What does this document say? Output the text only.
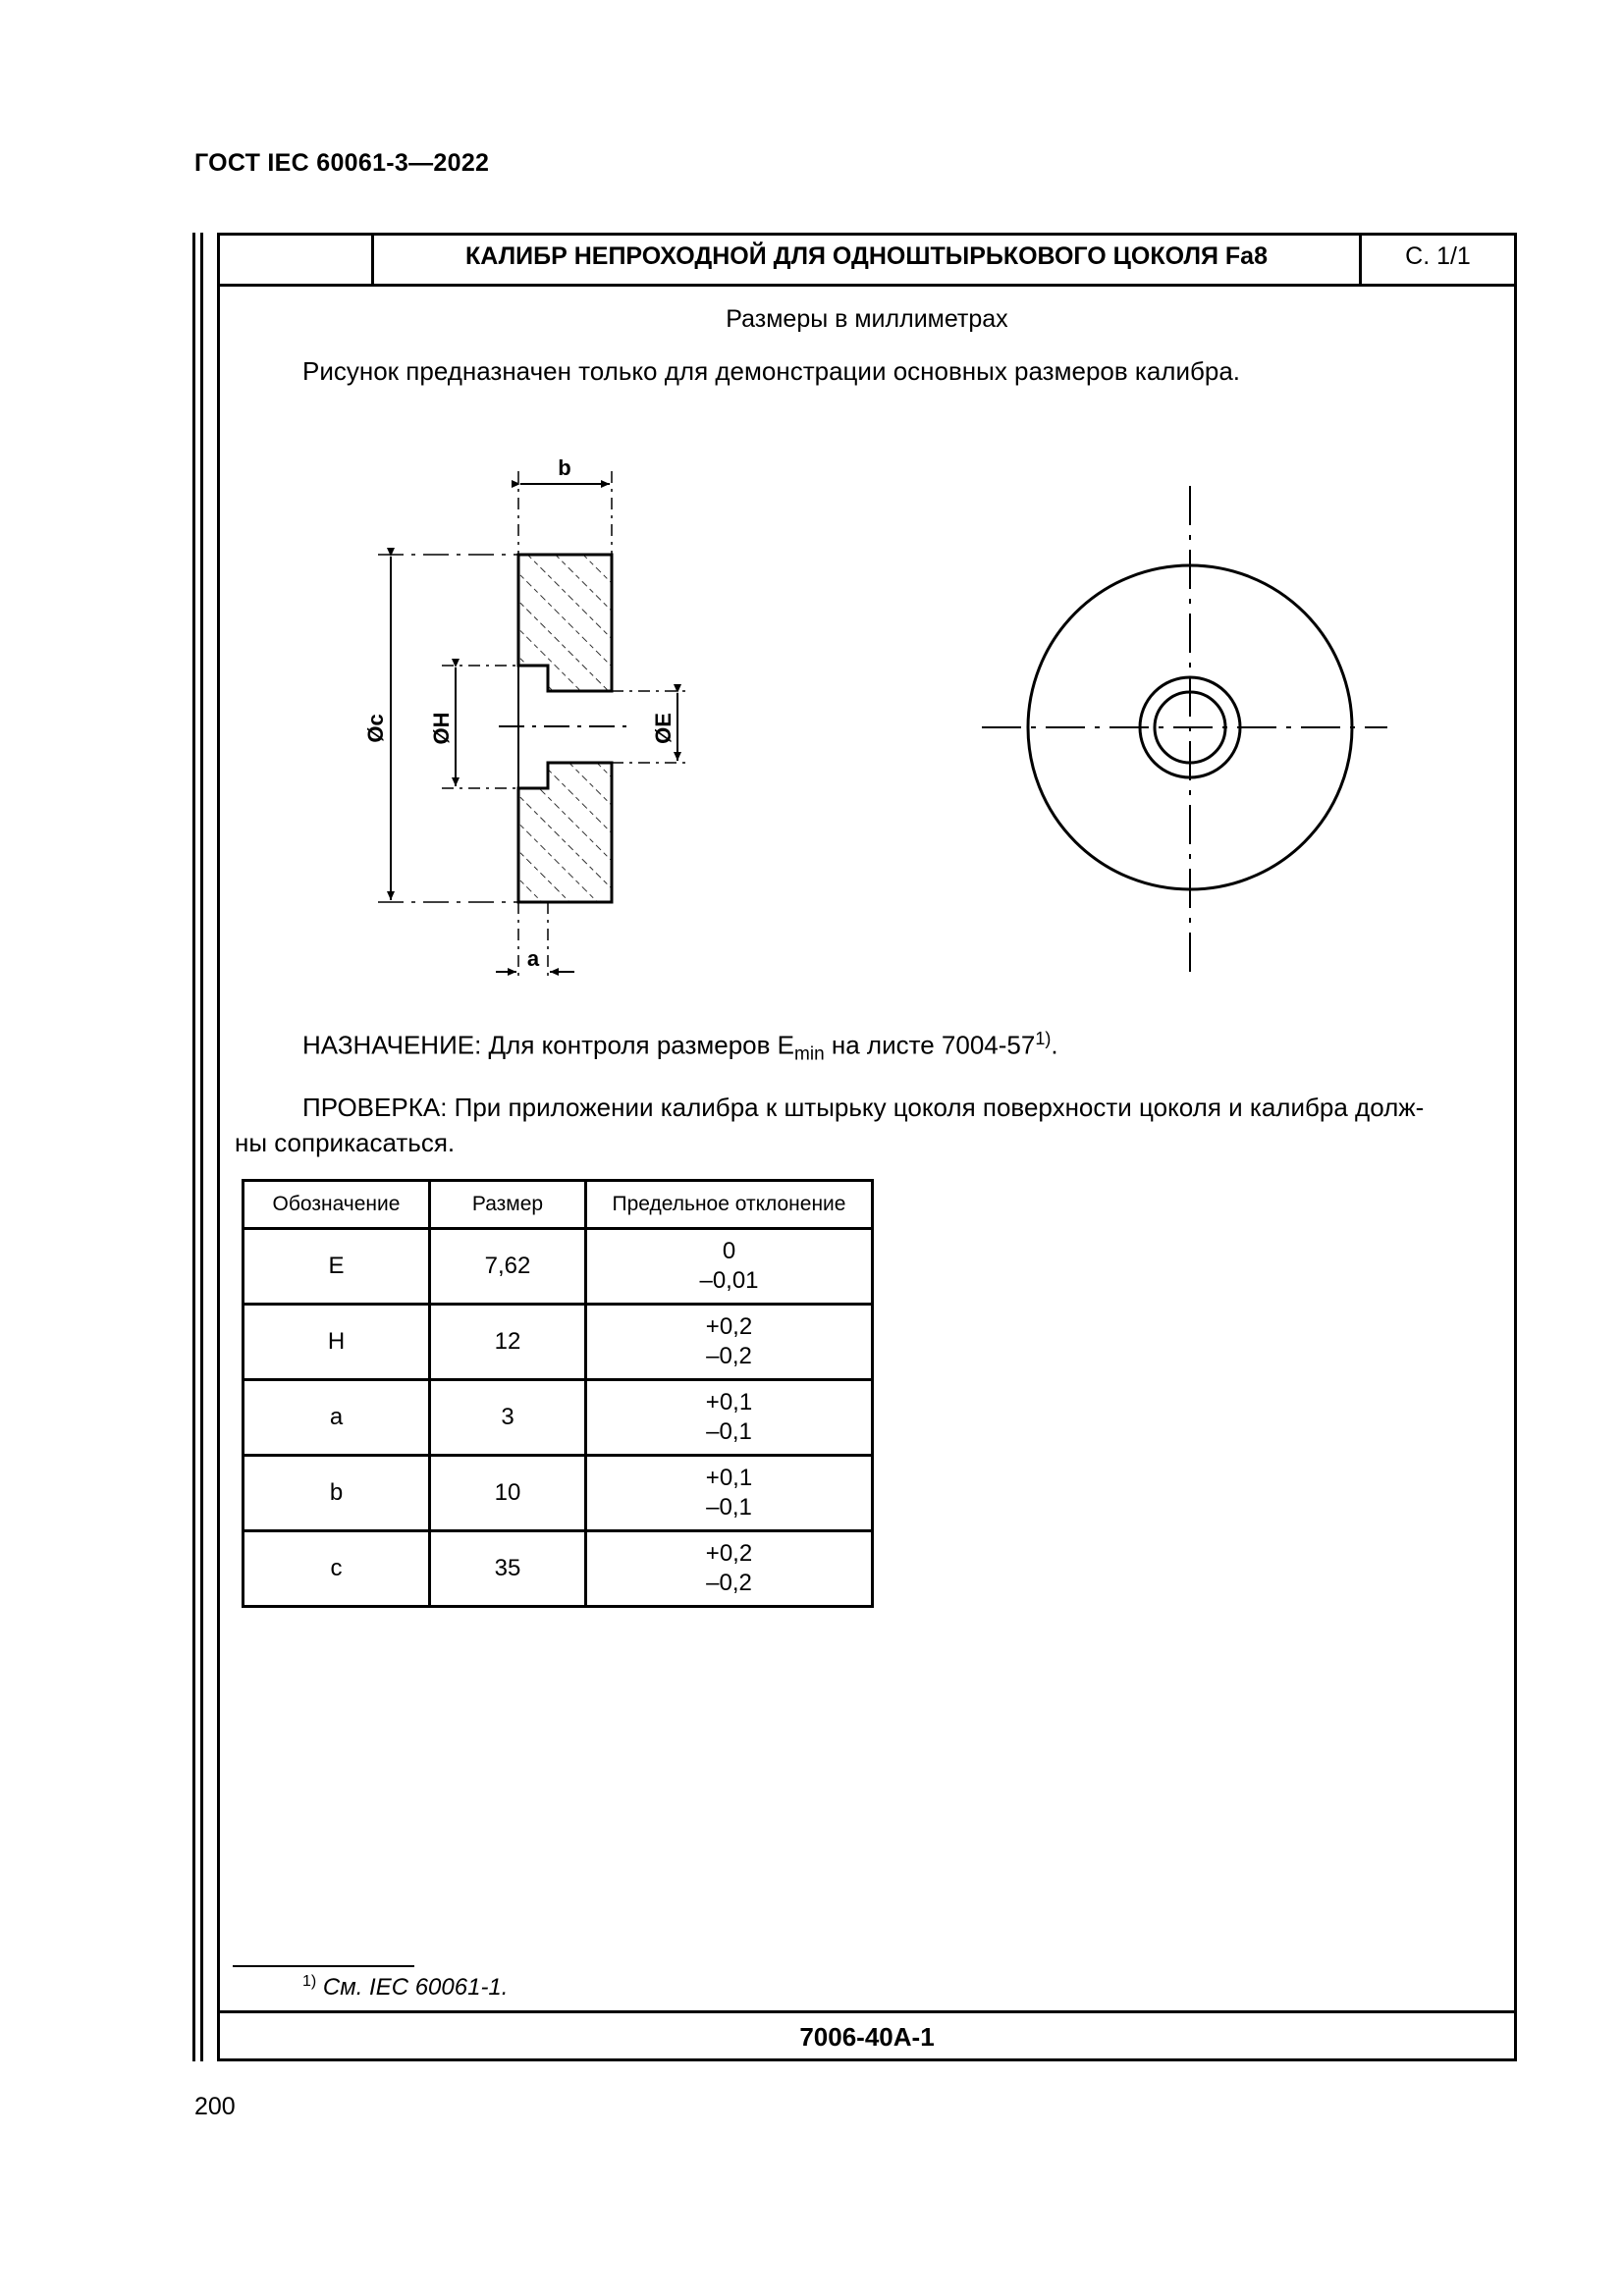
ГОСТ IEC 60061-3—2022
КАЛИБР НЕПРОХОДНОЙ ДЛЯ ОДНОШТЫРЬКОВОГО ЦОКОЛЯ Fa8	С. 1/1
Размеры в миллиметрах
Рисунок предназначен только для демонстрации основных размеров калибра.
b
Øc ØH	ØE
a
НАЗНАЧЕНИЕ: Для контроля размеров $E_{min}$ на листе 7004-57$^{1)}$.
ПРОВЕРКА: При приложении калибра к штырьку цоколя поверхности цоколя и калибра долж-
ны соприкасаться.
Обозначение	Размер	Предельное отклонение
E	7,62	0
–0,01

H	12	+0,2
–0,2

a	3	+0,1
–0,1

b	10	+0,1
–0,1

c	35	+0,2
–0,2
$^{1)}$ См. IEC 60061-1.
7006-40A-1
200
